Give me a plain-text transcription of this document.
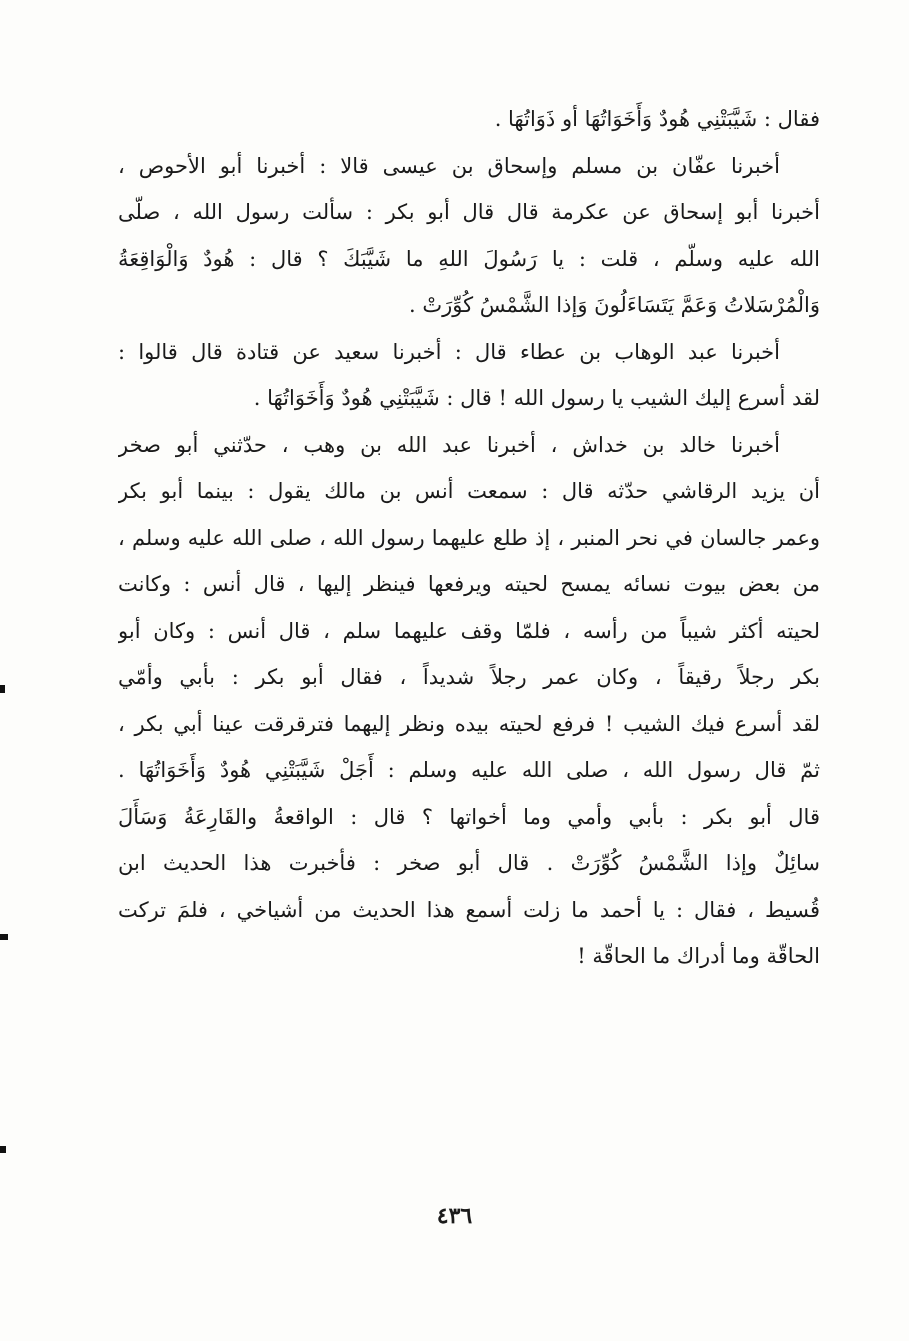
فقال : شَيَّبَتْنِي هُودٌ وَأَخَوَاتُهَا أو ذَوَاتُهَا .
أخبرنا عفّان بن مسلم وإسحاق بن عيسى قالا : أخبرنا أبو الأحوص ،
أخبرنا أبو إسحاق عن عكرمة قال قال أبو بكر : سألت رسول الله ، صلّى
الله عليه وسلّم ، قلت : يا رَسُولَ اللهِ ما شَيَّبَكَ ؟ قال : هُودٌ وَالْوَاقِعَةُ
وَالْمُرْسَلاتُ وَعَمَّ يَتَسَاءَلُونَ وَإذا الشَّمْسُ كُوِّرَتْ .
أخبرنا عبد الوهاب بن عطاء قال : أخبرنا سعيد عن قتادة قال قالوا :
لقد أسرع إليك الشيب يا رسول الله ! قال : شَيَّبَتْنِي هُودٌ وَأَخَوَاتُهَا .
أخبرنا خالد بن خداش ، أخبرنا عبد الله بن وهب ، حدّثني أبو صخر
أن يزيد الرقاشي حدّثه قال : سمعت أنس بن مالك يقول : بينما أبو بكر
وعمر جالسان في نحر المنبر ، إذ طلع عليهما رسول الله ، صلى الله عليه وسلم ،
من بعض بيوت نسائه يمسح لحيته ويرفعها فينظر إليها ، قال أنس : وكانت
لحيته أكثر شيباً من رأسه ، فلمّا وقف عليهما سلم ، قال أنس : وكان أبو
بكر رجلاً رقيقاً ، وكان عمر رجلاً شديداً ، فقال أبو بكر : بأبي وأمّي
لقد أسرع فيك الشيب ! فرفع لحيته بيده ونظر إليهما فترقرقت عينا أبي بكر ،
ثمّ قال رسول الله ، صلى الله عليه وسلم : أَجَلْ شَيَّبَتْنِي هُودٌ وَأَخَوَاتُهَا .
قال أبو بكر : بأبي وأمي وما أخواتها ؟ قال : الواقعةُ والقَارِعَةُ وَسَأَلَ
سائِلٌ وإذا الشَّمْسُ كُوِّرَتْ . قال أبو صخر : فأخبرت هذا الحديث ابن
قُسيط ، فقال : يا أحمد ما زلت أسمع هذا الحديث من أشياخي ، فلمَ تركت
الحاقّة وما أدراك ما الحاقّة !
٤٣٦
